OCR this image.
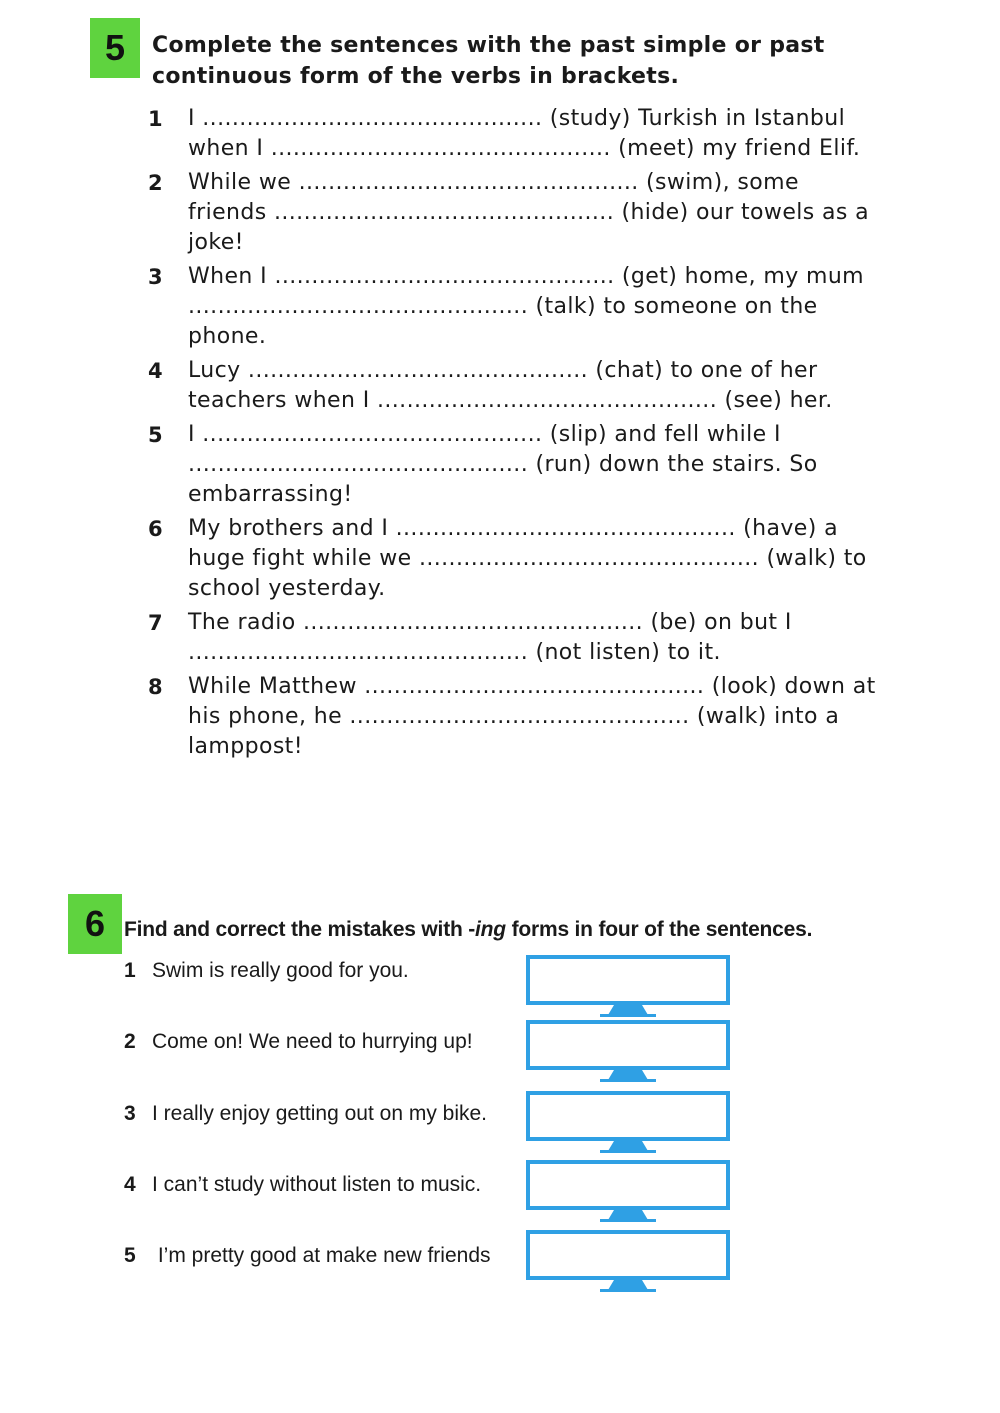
5	Complete the sentences with the past simple or past continuous form of the verbs in brackets.

1 I .............................................. (study) Turkish in Istanbul when I .............................................. (meet) my friend Elif.
2 While we .............................................. (swim), some friends .............................................. (hide) our towels as a joke!
3 When I .............................................. (get) home, my mum .............................................. (talk) to someone on the phone.
4 Lucy .............................................. (chat) to one of her teachers when I .............................................. (see) her.
5 I .............................................. (slip) and fell while I .............................................. (run) down the stairs. So embarrassing!
6 My brothers and I .............................................. (have) a huge fight while we .............................................. (walk) to school yesterday.
7 The radio .............................................. (be) on but I .............................................. (not listen) to it.
8 While Matthew .............................................. (look) down at his phone, he .............................................. (walk) into a lamppost!
6 Find and correct the mistakes with -ing forms in four of the sentences.

1 Swim is really good for you.
2 Come on! We need to hurrying up!
3 I really enjoy getting out on my bike.
4 I can’t study without listen to music.
5 I’m pretty good at make new friends
